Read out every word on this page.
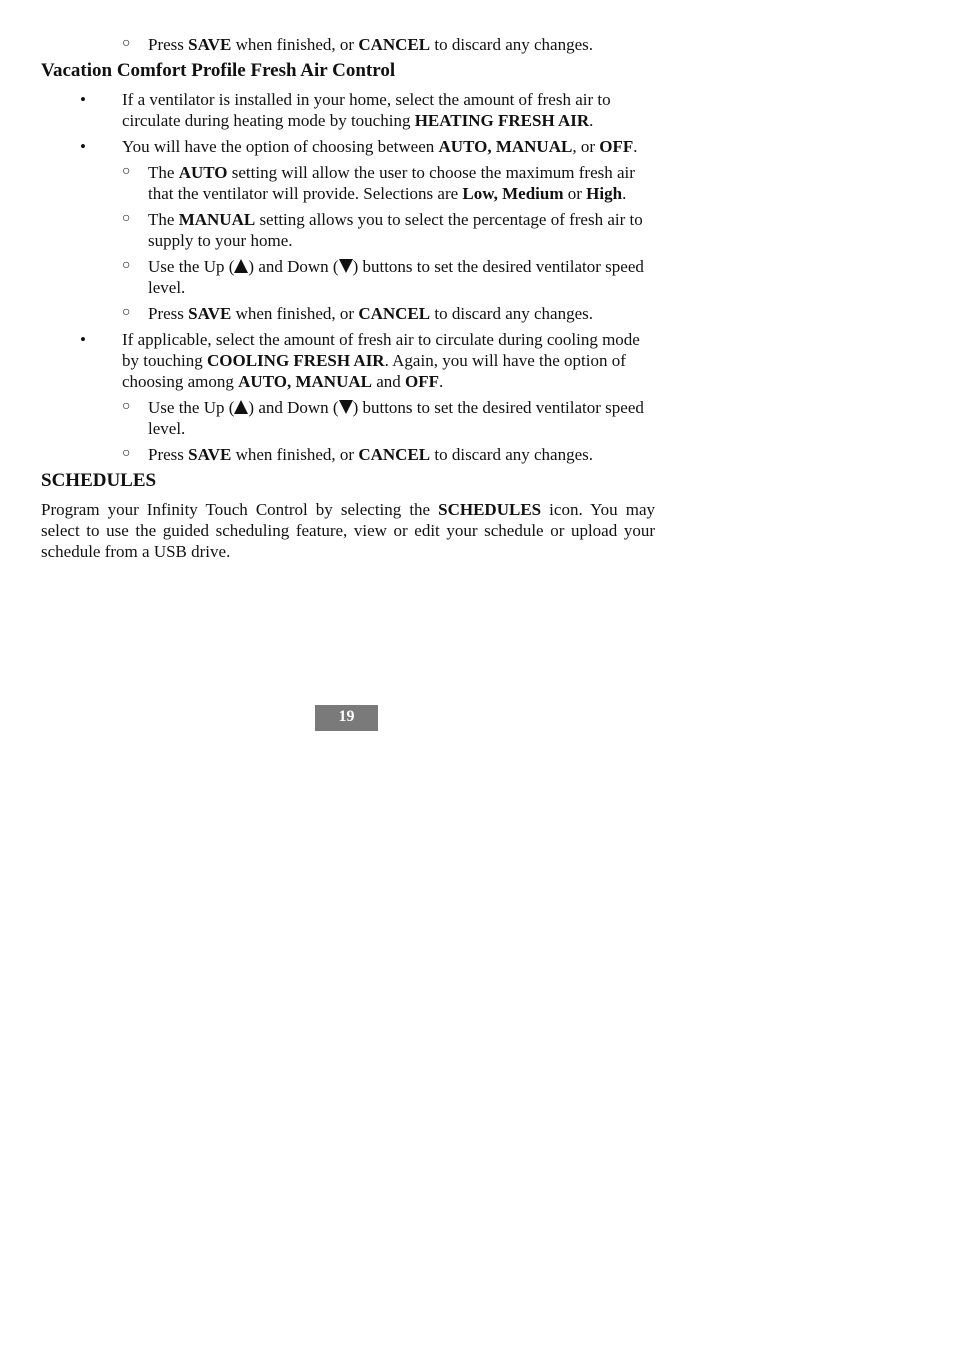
○ Press SAVE when finished, or CANCEL to discard any changes.

Vacation Comfort Profile Fresh Air Control

• If a ventilator is installed in your home, select the amount of fresh air to circulate during heating mode by touching HEATING FRESH AIR.

• You will have the option of choosing between AUTO, MANUAL, or OFF.

○ The AUTO setting will allow the user to choose the maximum fresh air that the ventilator will provide. Selections are Low, Medium or High.

○ The MANUAL setting allows you to select the percentage of fresh air to supply to your home.

○ Use the Up ( ) and Down ( ) buttons to set the desired ventilator speed level.

○ Press SAVE when finished, or CANCEL to discard any changes.

• If applicable, select the amount of fresh air to circulate during cooling mode by touching COOLING FRESH AIR. Again, you will have the option of choosing among AUTO, MANUAL and OFF.

○ Use the Up ( ) and Down ( ) buttons to set the desired ventilator speed level.

○ Press SAVE when finished, or CANCEL to discard any changes.

SCHEDULES

Program your Infinity Touch Control by selecting the SCHEDULES icon. You may select to use the guided scheduling feature, view or edit your schedule or upload your schedule from a USB drive.

19
